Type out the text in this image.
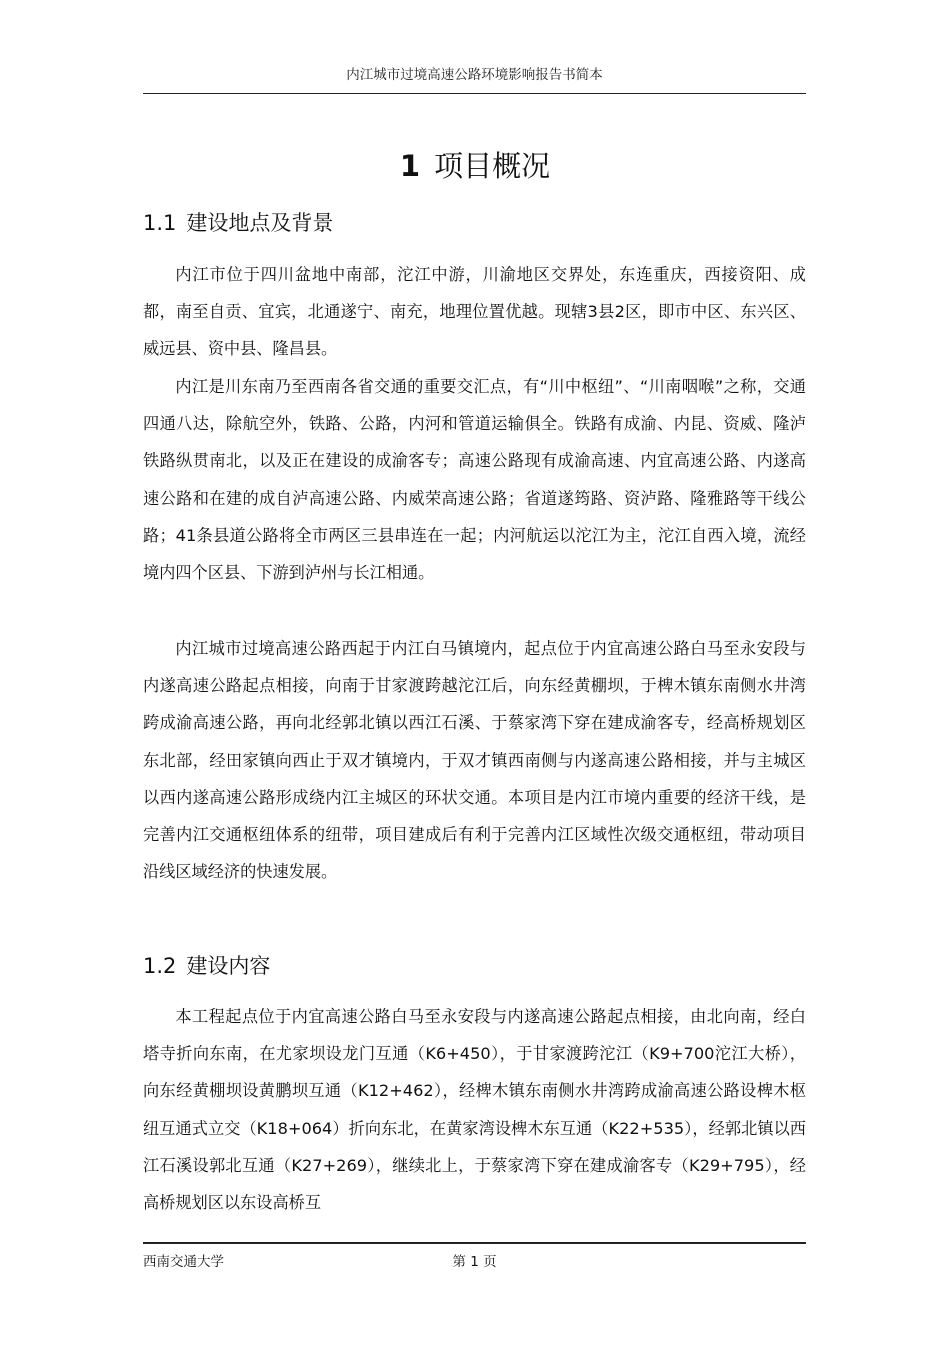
内江城市过境高速公路环境影响报告书简本
1 项目概况
1.1 建设地点及背景

内江市位于四川盆地中南部，沱江中游，川渝地区交界处，东连重庆，西接资阳、成都，南至自贡、宜宾，北通遂宁、南充，地理位置优越。现辖3县2区，即市中区、东兴区、威远县、资中县、隆昌县。

内江是川东南乃至西南各省交通的重要交汇点，有“川中枢纽”、“川南咽喉”之称，交通四通八达，除航空外，铁路、公路，内河和管道运输俱全。铁路有成渝、内昆、资威、隆泸铁路纵贯南北，以及正在建设的成渝客专；高速公路现有成渝高速、内宜高速公路、内遂高速公路和在建的成自泸高速公路、内威荣高速公路；省道遂筠路、资泸路、隆雅路等干线公路；41条县道公路将全市两区三县串连在一起；内河航运以沱江为主，沱江自西入境，流经境内四个区县、下游到泸州与长江相通。

内江城市过境高速公路西起于内江白马镇境内，起点位于内宜高速公路白马至永安段与内遂高速公路起点相接，向南于甘家渡跨越沱江后，向东经黄棚坝，于椑木镇东南侧水井湾跨成渝高速公路，再向北经郭北镇以西江石溪、于蔡家湾下穿在建成渝客专，经高桥规划区东北部，经田家镇向西止于双才镇境内，于双才镇西南侧与内遂高速公路相接，并与主城区以西内遂高速公路形成绕内江主城区的环状交通。本项目是内江市境内重要的经济干线，是完善内江交通枢纽体系的纽带，项目建成后有利于完善内江区域性次级交通枢纽，带动项目沿线区域经济的快速发展。

1.2 建设内容

本工程起点位于内宜高速公路白马至永安段与内遂高速公路起点相接，由北向南，经白塔寺折向东南，在尤家坝设龙门互通（K6+450），于甘家渡跨沱江（K9+700沱江大桥），向东经黄棚坝设黄鹏坝互通（K12+462），经椑木镇东南侧水井湾跨成渝高速公路设椑木枢纽互通式立交（K18+064）折向东北，在黄家湾设椑木东互通（K22+535），经郭北镇以西江石溪设郭北互通（K27+269），继续北上，于蔡家湾下穿在建成渝客专（K29+795），经高桥规划区以东设高桥互

西南交通大学	第 1 页
